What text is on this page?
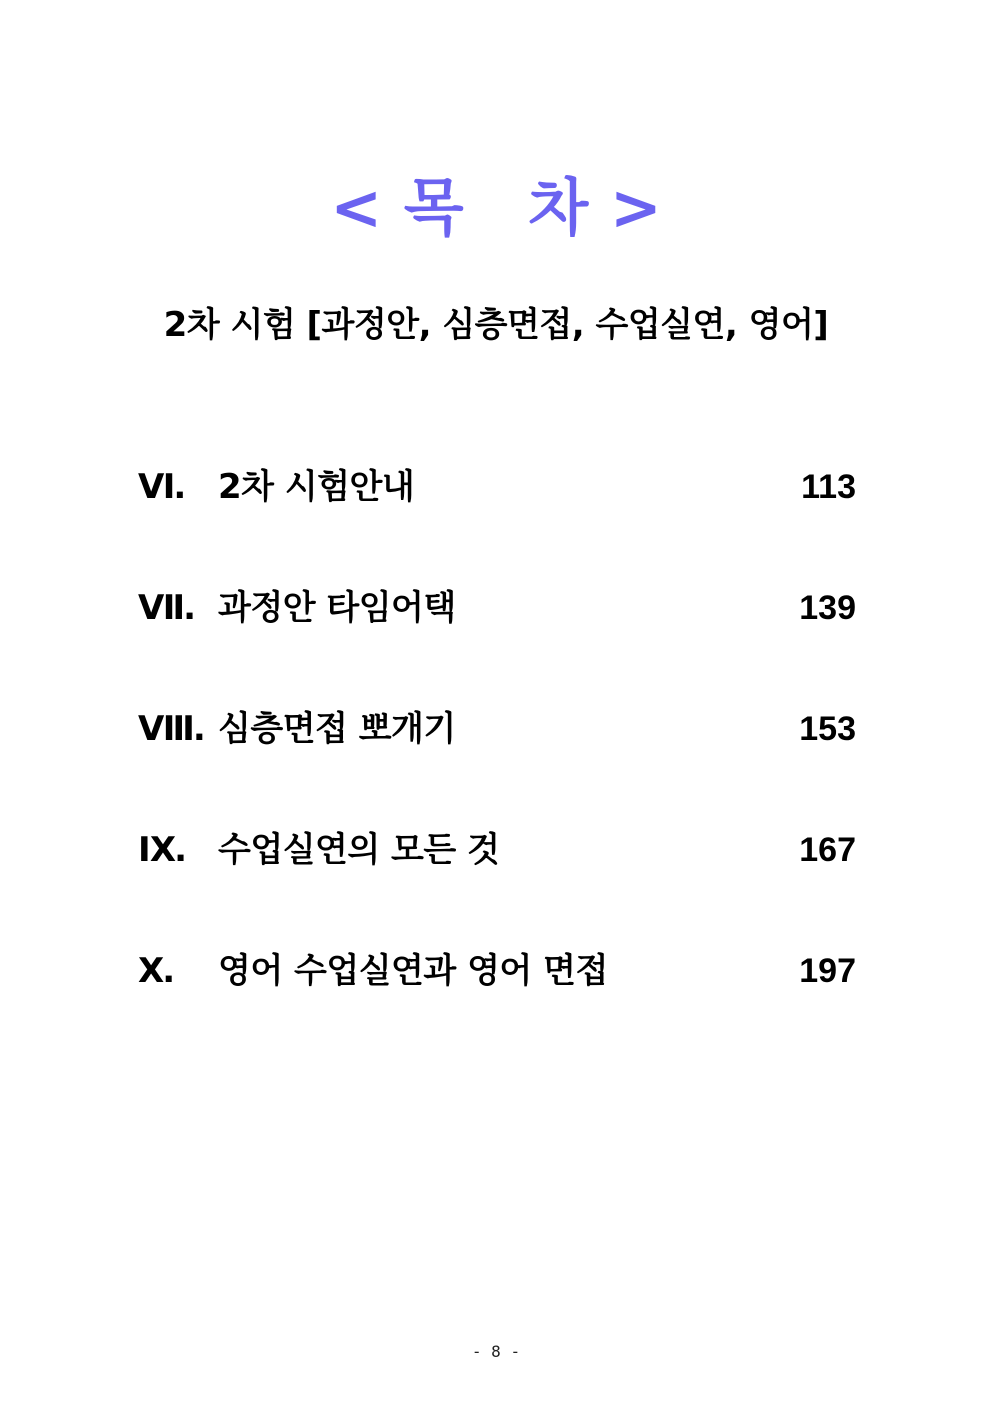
< 목   차 >
2차 시험 [과정안, 심층면접, 수업실연, 영어]
Ⅵ. 2차 시험안내	113
Ⅶ. 과정안 타임어택	139
Ⅷ. 심층면접 뽀개기	153
Ⅸ. 수업실연의 모든 것	167
Ⅹ. 영어 수업실연과 영어 면접	197
- 8 -
